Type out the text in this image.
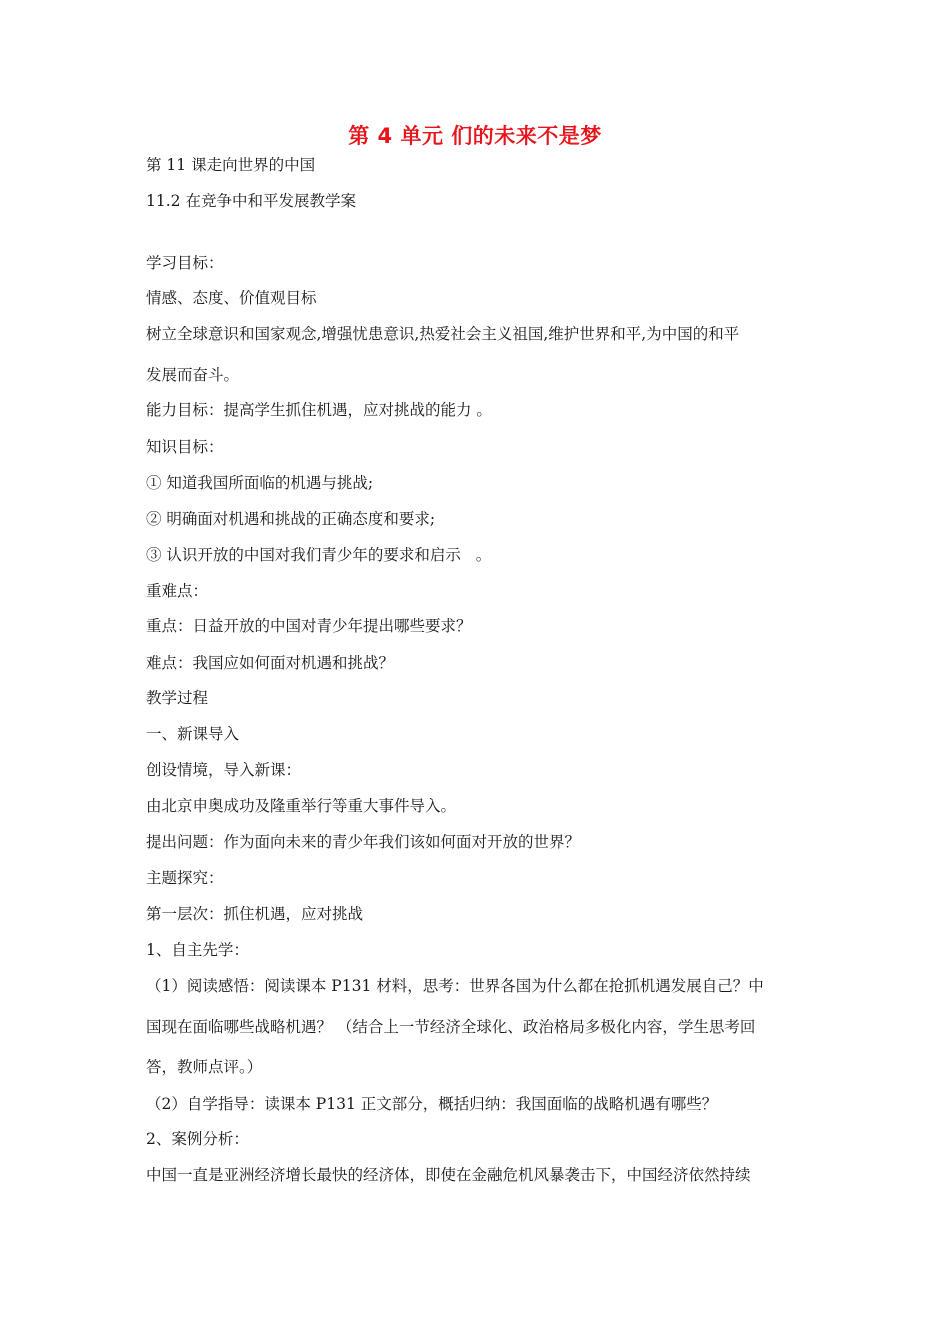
第 4 单元 们的未来不是梦

第 11 课走向世界的中国

11.2 在竞争中和平发展教学案

学习目标：

情感、态度、价值观目标

树立全球意识和国家观念,增强忧患意识,热爱社会主义祖国,维护世界和平,为中国的和平

发展而奋斗。

能力目标：提高学生抓住机遇，应对挑战的能力 。

知识目标：

① 知道我国所面临的机遇与挑战;

② 明确面对机遇和挑战的正确态度和要求;

③ 认识开放的中国对我们青少年的要求和启示   。

重难点：

重点：日益开放的中国对青少年提出哪些要求？

难点：我国应如何面对机遇和挑战？

教学过程

一、新课导入

创设情境，导入新课：

由北京申奥成功及隆重举行等重大事件导入。

提出问题：作为面向未来的青少年我们该如何面对开放的世界？

主题探究：

第一层次：抓住机遇，应对挑战

1、自主先学：

（1）阅读感悟：阅读课本 P131 材料，思考：世界各国为什么都在抢抓机遇发展自己？中

国现在面临哪些战略机遇？ （结合上一节经济全球化、政治格局多极化内容，学生思考回

答，教师点评。）

（2）自学指导：读课本 P131 正文部分，概括归纳：我国面临的战略机遇有哪些？

2、案例分析：

中国一直是亚洲经济增长最快的经济体，即使在金融危机风暴袭击下，中国经济依然持续
